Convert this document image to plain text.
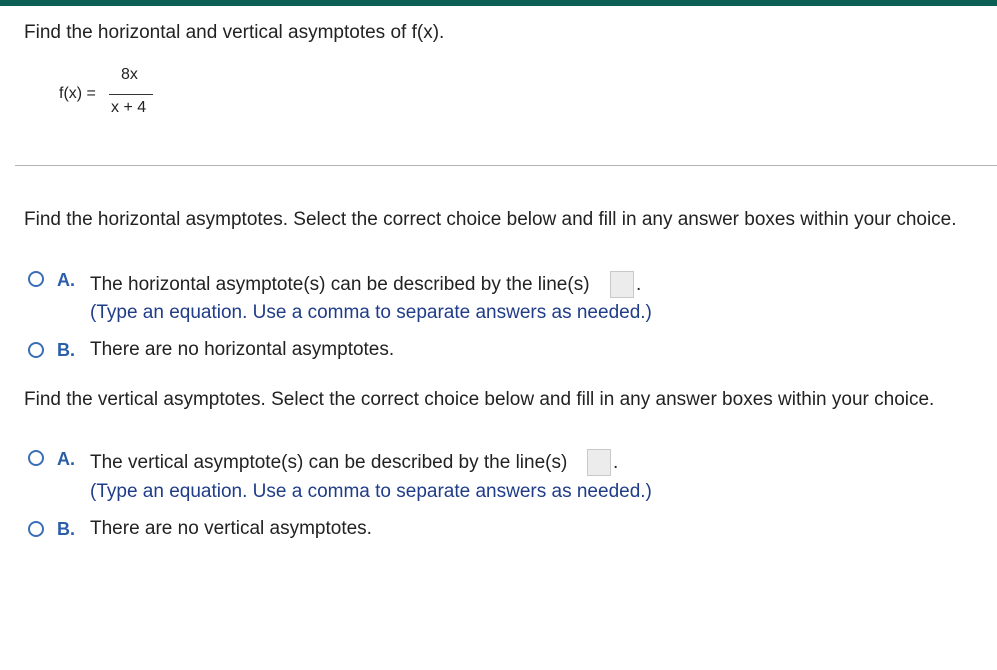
Find the horizontal and vertical asymptotes of f(x).
f(x) =
8x
x + 4
Find the horizontal asymptotes. Select the correct choice below and fill in any answer boxes within your choice.
A. The horizontal asymptote(s) can be described by the line(s) .
(Type an equation. Use a comma to separate answers as needed.)
B. There are no horizontal asymptotes.
Find the vertical asymptotes. Select the correct choice below and fill in any answer boxes within your choice.
A. The vertical asymptote(s) can be described by the line(s) .
(Type an equation. Use a comma to separate answers as needed.)
B. There are no vertical asymptotes.
